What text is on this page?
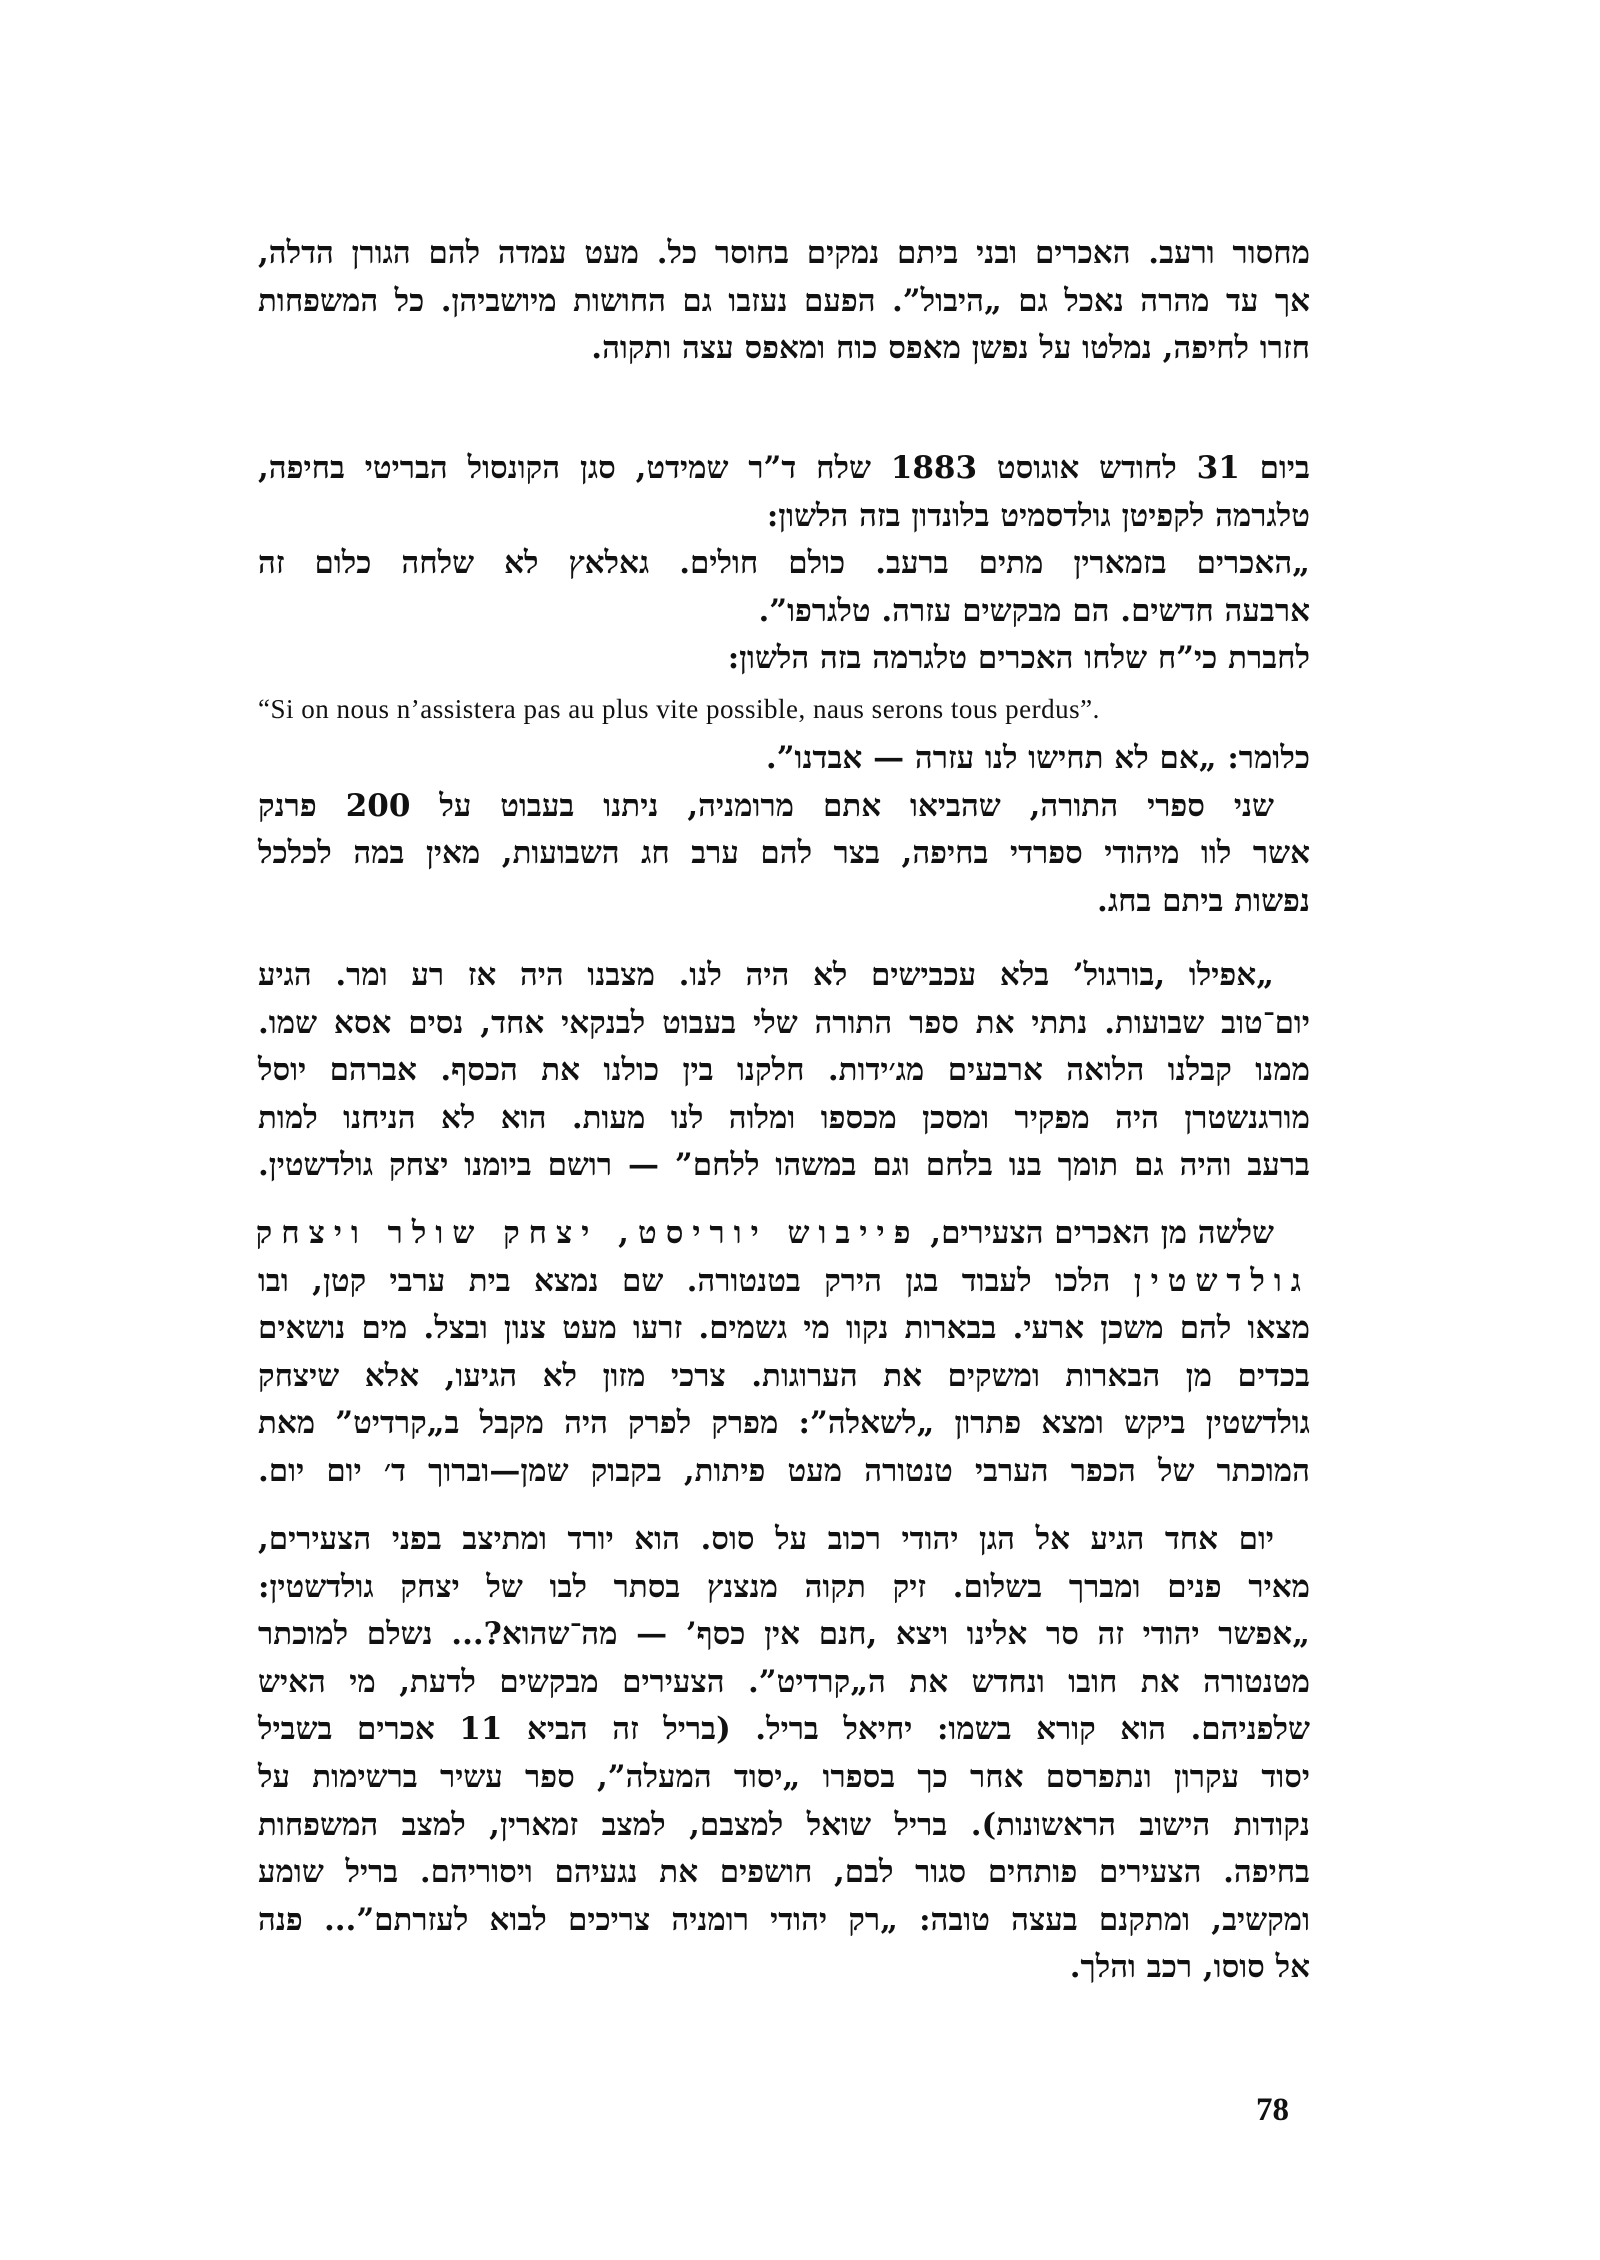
מחסור ורעב. האכרים ובני ביתם נמקים בחוסר כל. מעט עמדה להם הגורן הדלה,
אך עד מהרה נאכל גם „היבול”. הפעם נעזבו גם החושות מיושביהן. כל המשפחות
חזרו לחיפה, נמלטו על נפשן מאפס כוח ומאפס עצה ותקוה.
ביום 31 לחודש אוגוסט 1883 שלח ד”ר שמידט, סגן הקונסול הבריטי בחיפה,
טלגרמה לקפיטן גולדסמיט בלונדון בזה הלשון:
„האכרים בזמארין מתים ברעב. כולם חולים. גאלאץ לא שלחה כלום זה
ארבעה חדשים. הם מבקשים עזרה. טלגרפו”.
לחברת כי”ח שלחו האכרים טלגרמה בזה הלשון:
“Si on nous n’assistera pas au plus vite possible, naus serons tous perdus”.
כלומר: „אם לא תחישו לנו עזרה — אבדנו”.
שני ספרי התורה, שהביאו אתם מרומניה, ניתנו בעבוט על 200 פרנק
אשר לוו מיהודי ספרדי בחיפה, בצר להם ערב חג השבועות, מאין במה לכלכל
נפשות ביתם בחג.
„אפילו ,בורגול’ בלא עכבישים לא היה לנו. מצבנו היה אז רע ומר. הגיע
יום־טוב שבועות. נתתי את ספר התורה שלי בעבוט לבנקאי אחד, נסים אסא שמו.
ממנו קבלנו הלואה ארבעים מג׳ידות. חלקנו בין כולנו את הכסף. אברהם יוסל
מורגנשטרן היה מפקיר ומסכן מכספו ומלוה לנו מעות. הוא לא הניחנו למות
ברעב והיה גם תומך בנו בלחם וגם במשהו ללחם” — רושם ביומנו יצחק גולדשטין.
שלשה מן האכרים הצעירים, פייבוש יוריסט, יצחק שולר ויצחק
גולדשטין הלכו לעבוד בגן הירק בטנטורה. שם נמצא בית ערבי קטן, ובו
מצאו להם משכן ארעי. בבארות נקוו מי גשמים. זרעו מעט צנון ובצל. מים נושאים
בכדים מן הבארות ומשקים את הערוגות. צרכי מזון לא הגיעו, אלא שיצחק
גולדשטין ביקש ומצא פתרון „לשאלה”: מפרק לפרק היה מקבל ב„קרדיט” מאת
המוכתר של הכפר הערבי טנטורה מעט פיתות, בקבוק שמן—וברוך ד׳ יום יום.
יום אחד הגיע אל הגן יהודי רכוב על סוס. הוא יורד ומתיצב בפני הצעירים,
מאיר פנים ומברך בשלום. זיק תקוה מנצנץ בסתר לבו של יצחק גולדשטין:
„אפשר יהודי זה סר אלינו ויצא ,חנם אין כסף’ — מה־שהוא?... נשלם למוכתר
מטנטורה את חובו ונחדש את ה„קרדיט”. הצעירים מבקשים לדעת, מי האיש
שלפניהם. הוא קורא בשמו: יחיאל בריל. (בריל זה הביא 11 אכרים בשביל
יסוד עקרון ונתפרסם אחר כך בספרו „יסוד המעלה”, ספר עשיר ברשימות על
נקודות הישוב הראשונות). בריל שואל למצבם, למצב זמארין, למצב המשפחות
בחיפה. הצעירים פותחים סגור לבם, חושפים את נגעיהם ויסוריהם. בריל שומע
ומקשיב, ומתקנם בעצה טובה: „רק יהודי רומניה צריכים לבוא לעזרתם”... פנה
אל סוסו, רכב והלך.
78
